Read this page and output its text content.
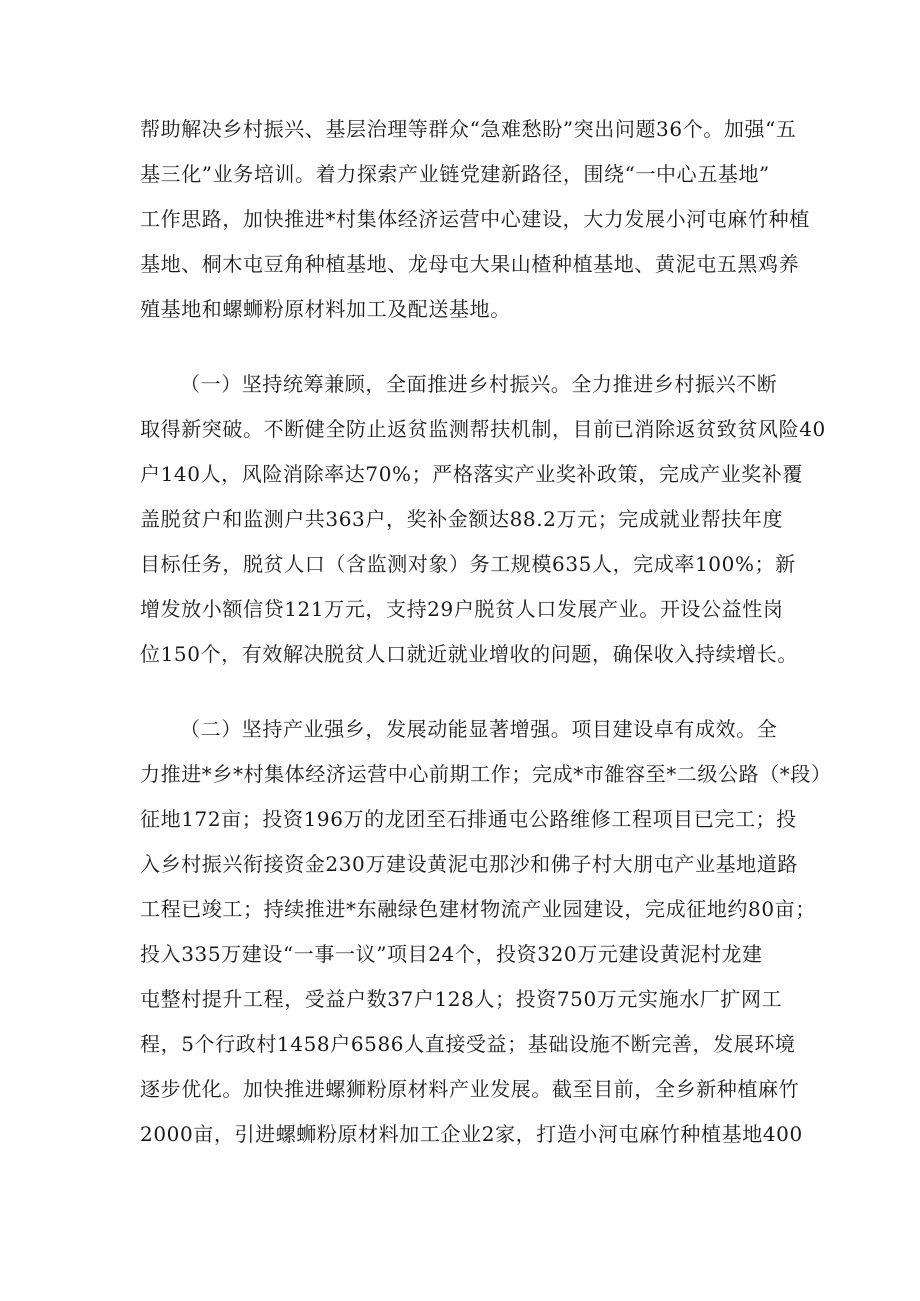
帮助解决乡村振兴、基层治理等群众“急难愁盼”突出问题36个。加强“五
基三化”业务培训。着力探索产业链党建新路径，围绕“一中心五基地”
工作思路，加快推进*村集体经济运营中心建设，大力发展小河屯麻竹种植
基地、桐木屯豆角种植基地、龙母屯大果山楂种植基地、黄泥屯五黑鸡养
殖基地和螺蛳粉原材料加工及配送基地。
（一）坚持统筹兼顾，全面推进乡村振兴。全力推进乡村振兴不断
取得新突破。不断健全防止返贫监测帮扶机制，目前已消除返贫致贫风险40
户140人，风险消除率达70%；严格落实产业奖补政策，完成产业奖补覆
盖脱贫户和监测户共363户，奖补金额达88.2万元；完成就业帮扶年度
目标任务，脱贫人口（含监测对象）务工规模635人，完成率100%；新
增发放小额信贷121万元，支持29户脱贫人口发展产业。开设公益性岗
位150个，有效解决脱贫人口就近就业增收的问题，确保收入持续增长。
（二）坚持产业强乡，发展动能显著增强。项目建设卓有成效。全
力推进*乡*村集体经济运营中心前期工作；完成*市雒容至*二级公路（*段）
征地172亩；投资196万的龙团至石排通屯公路维修工程项目已完工；投
入乡村振兴衔接资金230万建设黄泥屯那沙和佛子村大朋屯产业基地道路
工程已竣工；持续推进*东融绿色建材物流产业园建设，完成征地约80亩；
投入335万建设“一事一议”项目24个，投资320万元建设黄泥村龙建
屯整村提升工程，受益户数37户128人；投资750万元实施水厂扩网工
程，5个行政村1458户6586人直接受益；基础设施不断完善，发展环境
逐步优化。加快推进螺狮粉原材料产业发展。截至目前，全乡新种植麻竹
2000亩，引进螺蛳粉原材料加工企业2家，打造小河屯麻竹种植基地400
